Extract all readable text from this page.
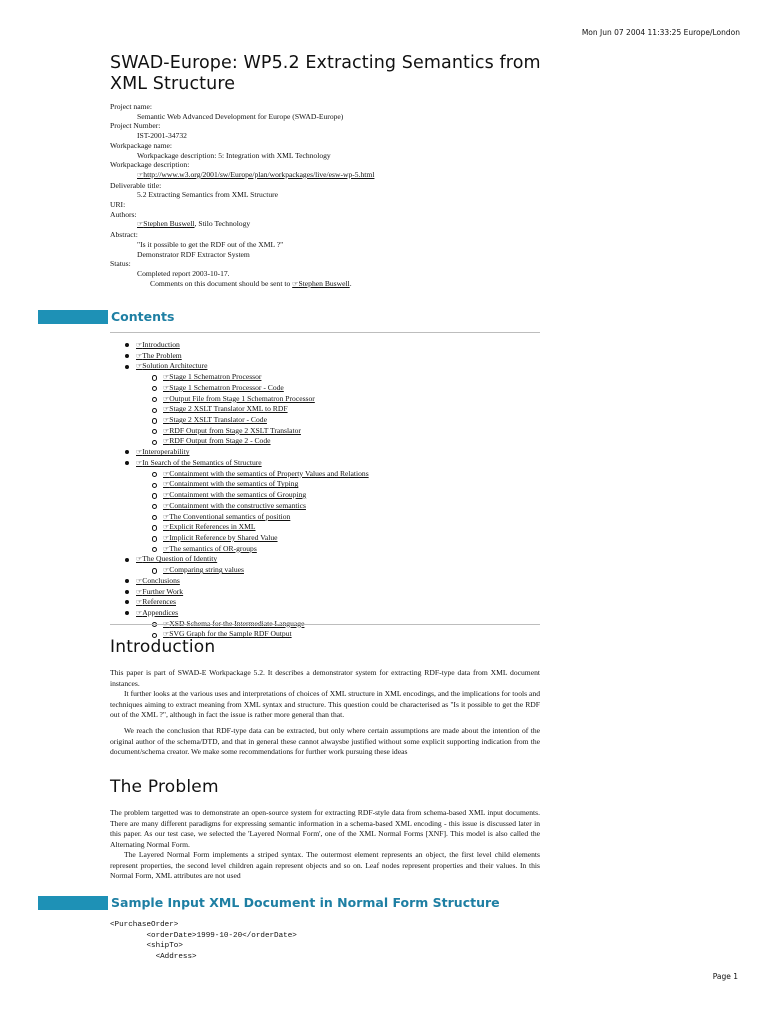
Mon Jun 07 2004 11:33:25 Europe/London
SWAD-Europe: WP5.2 Extracting Semantics from XML Structure
Project name:
Semantic Web Advanced Development for Europe (SWAD-Europe)
Project Number:
IST-2001-34732
Workpackage name:
Workpackage description: 5: Integration with XML Technology
Workpackage description:
☞http://www.w3.org/2001/sw/Europe/plan/workpackages/live/esw-wp-5.html
Deliverable title:
5.2 Extracting Semantics from XML Structure
URI:
Authors:
☞Stephen Buswell, Stilo Technology
Abstract:
"Is it possible to get the RDF out of the XML ?"
Demonstrator RDF Extractor System
Status:
Completed report 2003-10-17.
Comments on this document should be sent to ☞Stephen Buswell.
Contents
☞Introduction
☞The Problem
☞Solution Architecture
☞Stage 1 Schematron Processor
☞Stage 1 Schematron Processor - Code
☞Output File from Stage 1 Schematron Processor
☞Stage 2 XSLT Translator XML to RDF
☞Stage 2 XSLT Translator - Code
☞RDF Output from Stage 2 XSLT Translator
☞RDF Output from Stage 2 - Code
☞Interoperability
☞In Search of the Semantics of Structure
☞Containment with the semantics of Property Values and Relations
☞Containment with the semantics of Typing
☞Containment with the semantics of Grouping
☞Containment with the constructive semantics
☞The Conventional semantics of position
☞Explicit References in XML
☞Implicit Reference by Shared Value
☞The semantics of OR-groups
☞The Question of Identity
☞Comparing string values
☞Conclusions
☞Further Work
☞References
☞Appendices
☞XSD Schema for the Intermediate Language
☞SVG Graph for the Sample RDF Output
Introduction

This paper is part of SWAD-E Workpackage 5.2. It describes a demonstrator system for extracting RDF-type data from XML document instances.

It further looks at the various uses and interpretations of choices of XML structure in XML encodings, and the implications for tools and techniques aiming to extract meaning from XML syntax and structure. This question could be characterised as "Is it possible to get the RDF out of the XML ?", although in fact the issue is rather more general than that.

We reach the conclusion that RDF-type data can be extracted, but only where certain assumptions are made about the intention of the original author of the schema/DTD, and that in general these cannot alwaysbe justified without some explicit supporting indication from the document/schema creator. We make some recommendations for further work pursuing these ideas

The Problem

The problem targetted was to demonstrate an open-source system for extracting RDF-style data from schema-based XML input documents. There are many different paradigms for expressing semantic information in a schema-based XML encoding - this issue is discussed later in this paper. As our test case, we selected the 'Layered Normal Form', one of the XML Normal Forms [XNF]. This model is also called the Alternating Normal Form.

The Layered Normal Form implements a striped syntax. The outermost element represents an object, the first level child elements represent properties, the second level children again represent objects and so on. Leaf nodes represent properties and their values. In this Normal Form, XML attributes are not used

Sample Input XML Document in Normal Form Structure
<PurchaseOrder>
<orderDate>1999-10-20</orderDate>
<shipTo>
<Address>
Page 1
